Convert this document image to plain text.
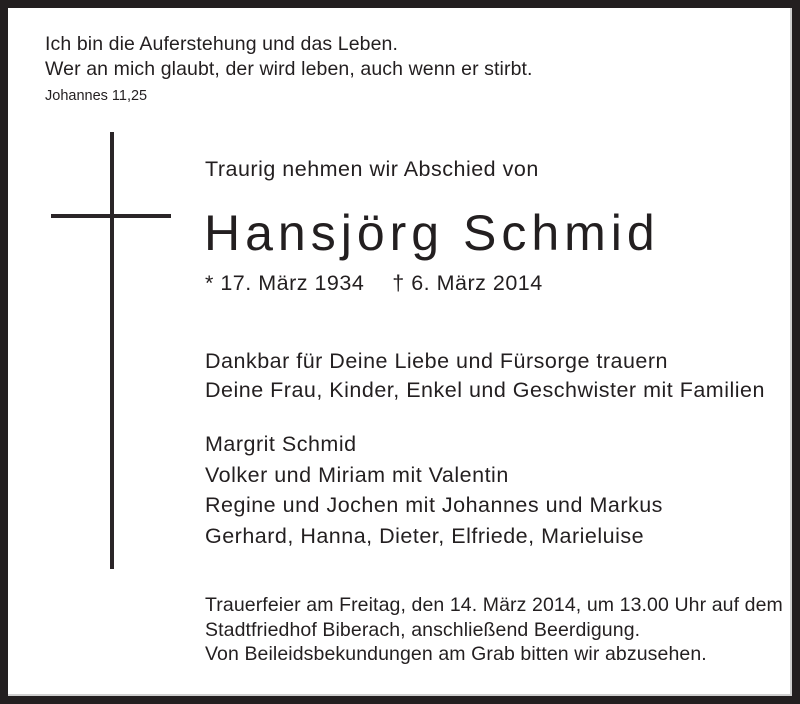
Ich bin die Auferstehung und das Leben.
Wer an mich glaubt, der wird leben, auch wenn er stirbt.
Johannes 11,25
Traurig nehmen wir Abschied von
Hansjörg Schmid
* 17. März 1934 † 6. März 2014
Dankbar für Deine Liebe und Fürsorge trauern
Deine Frau, Kinder, Enkel und Geschwister mit Familien
Margrit Schmid
Volker und Miriam mit Valentin
Regine und Jochen mit Johannes und Markus
Gerhard, Hanna, Dieter, Elfriede, Marieluise
Trauerfeier am Freitag, den 14. März 2014, um 13.00 Uhr auf dem
Stadtfriedhof Biberach, anschließend Beerdigung.
Von Beileidsbekundungen am Grab bitten wir abzusehen.
